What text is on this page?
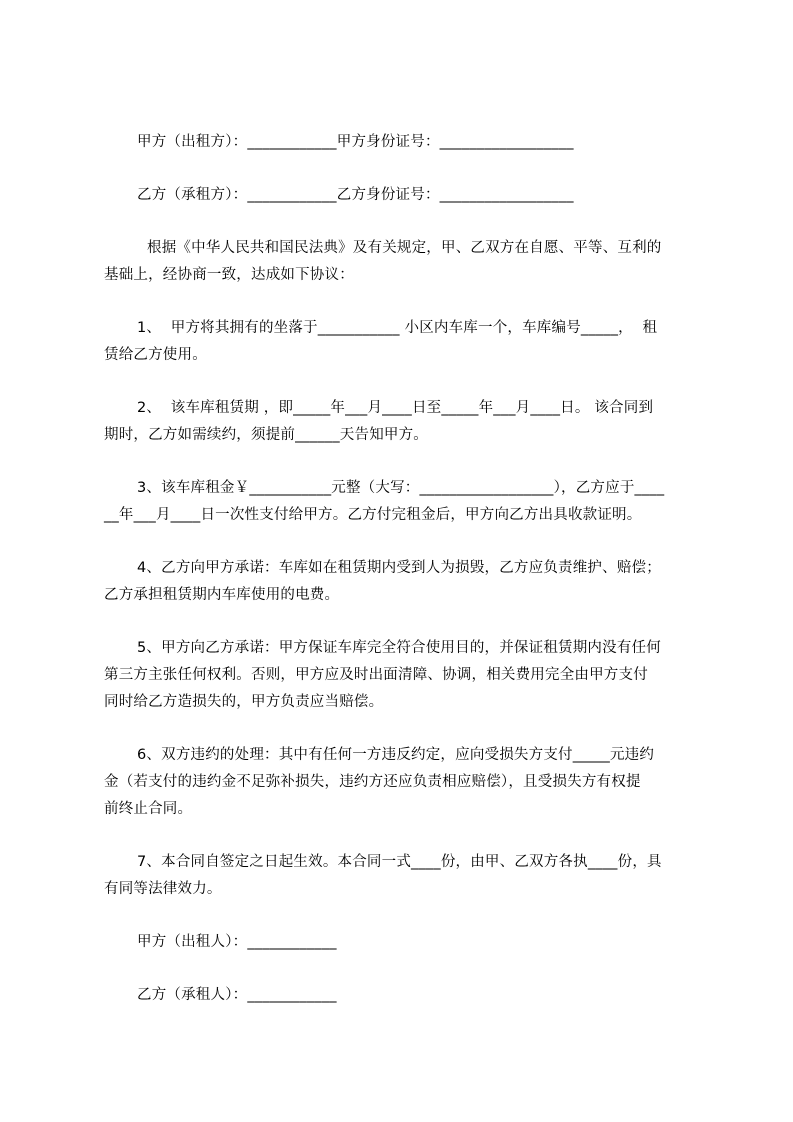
甲方（出租方）：____________甲方身份证号：__________________
乙方（承租方）：____________乙方身份证号：__________________
根据《中华人民共和国民法典》及有关规定，甲、乙双方在自愿、平等、互利的
基础上，经协商一致，达成如下协议：
1、  甲方将其拥有的坐落于___________ 小区内车库一个，车库编号_____，  租
赁给乙方使用。
2、  该车库租赁期 ，即_____年___月____日至_____年___月____日。 该合同到
期时，乙方如需续约，须提前______天告知甲方。
3、该车库租金￥___________元整（大写：__________________），乙方应于____
__年___月____日一次性支付给甲方。乙方付完租金后，甲方向乙方出具收款证明。
4、乙方向甲方承诺：车库如在租赁期内受到人为损毁，乙方应负责维护、赔偿；
乙方承担租赁期内车库使用的电费。
5、甲方向乙方承诺：甲方保证车库完全符合使用目的，并保证租赁期内没有任何
第三方主张任何权利。否则，甲方应及时出面清障、协调，相关费用完全由甲方支付
同时给乙方造损失的，甲方负责应当赔偿。
6、双方违约的处理：其中有任何一方违反约定，应向受损失方支付_____元违约
金（若支付的违约金不足弥补损失，违约方还应负责相应赔偿），且受损失方有权提
前终止合同。
7、本合同自签定之日起生效。本合同一式____份，由甲、乙双方各执____份，具
有同等法律效力。
甲方（出租人）：____________
乙方（承租人）：____________
